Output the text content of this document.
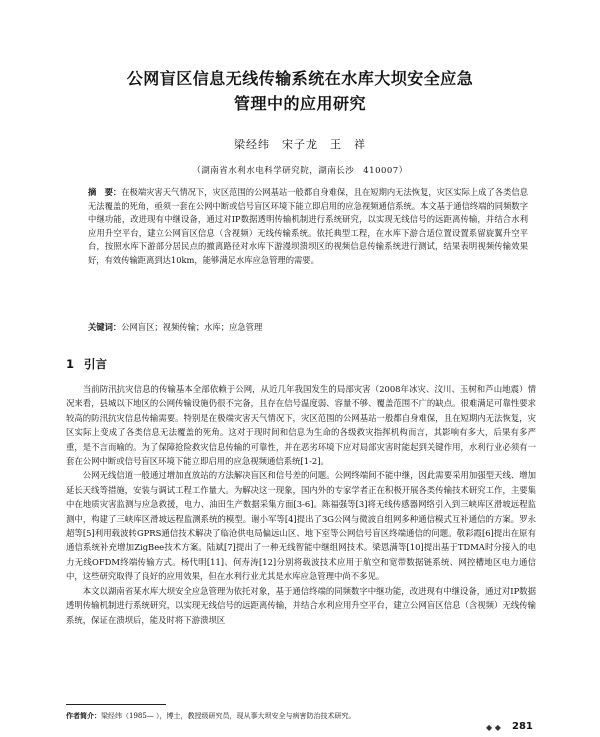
公网盲区信息无线传输系统在水库大坝安全应急
管理中的应用研究
梁经纬　宋子龙　王　祥
（湖南省水利水电科学研究院，湖南长沙　410007）
摘　要：在极端灾害天气情况下，灾区范围的公网基站一般都自身难保，且在短期内无法恢复，灾区实际上成了各类信息无法覆盖的死角，亟须一套在公网中断或信号盲区环境下能立即启用的应急视频通信系统。本文基于通信终端的同频数字中继功能，改进现有中继设备，通过对IP数据透明传输机制进行系统研究，以实现无线信号的远距离传输，并结合水利应用升空平台，建立公网盲区信息（含视频）无线传输系统。依托典型工程，在水库下游合适位置设置系留旋翼升空平台，按照水库下游部分居民点的撤离路径对水库下游漫坝溃坝区的视频信息传输系统进行测试，结果表明视频传输效果好，有效传输距离到达10km，能够满足水库应急管理的需要。
关键词：公网盲区；视频传输；水库；应急管理
1 引言

当前防汛抗灾信息的传输基本全部依赖于公网，从近几年我国发生的局部灾害（2008年冰灾、汶川、玉树和芦山地震）情况来看，县城以下地区的公网传输设施仍很不完备，且存在信号温度弱、容量不够、覆盖范围不广的缺点。很难满足可靠性要求较高的防汛抗灾信息传输需要。特别是在极端灾害天气情况下，灾区范围的公网基站一般都自身难保，且在短期内无法恢复，灾区实际上变成了各类信息无法覆盖的死角。这对于现时间和信息为生命的各级救灾指挥机构而言，其影响有多大，后果有多严重，是不言而喻的。为了保障抢险救灾信息传输的可靠性，并在恶劣环境下应对局部灾害时能起到关键作用，水利行业必须有一套在公网中断或信号盲区环境下能立即启用的应急视频通信系统[1-2]。

公网无线信道一般通过增加直放站的方法解决盲区和信号差的问题。公网终端间不能中继，因此需要采用加强型天线、增加延长天线等措施，安装与调试工程工作量大。为解决这一现象，国内外的专家学者正在积极开展各类传输技术研究工作，主要集中在地质灾害监测与应急救援，电力、油田生产数据采集方面[3-6]。陈福强等[3]将无线传感器网络引入到三峡库区滑坡远程监测中，构建了三峡库区滑坡远程监测系统的模型。谢小军等[4]提出了3G公网与微波自组网多种通信模式互补通信的方案。罗永超等[5]利用载波转GPRS通信技术解决了临沧供电局偏远山区、地下室等公网信号盲区终端通信的问题。敬彩霞[6]提出在原有通信系统补充增加ZigBee技术方案。陆斌[7]提出了一种无线智能中继组网技术。梁恩满等[10]提出基于TDMA时分接入的电力无线OFDM终端传输方式。杨代明[11]、何寿涛[12]分别将载波技术应用于航空和宽带数据链系统、网控槽地区电力通信中，这些研究取得了良好的应用效果，但在水利行业尤其是水库应急管理中尚不多见。

本文以湖南省某水库大坝安全应急管理为依托对象，基于通信终端的同频数字中继功能，改进现有中继设备，通过对IP数据透明传输机制进行系统研究，以实现无线信号的远距离传输，并结合水利应用升空平台，建立公网盲区信息（含视频）无线传输系统，保证在溃坝后，能及时将下游溃坝区

作者简介：梁经纬（1985— ），博士，教授级研究员，现从事大坝安全与病害防治技术研究。
◆ ◆ 281
